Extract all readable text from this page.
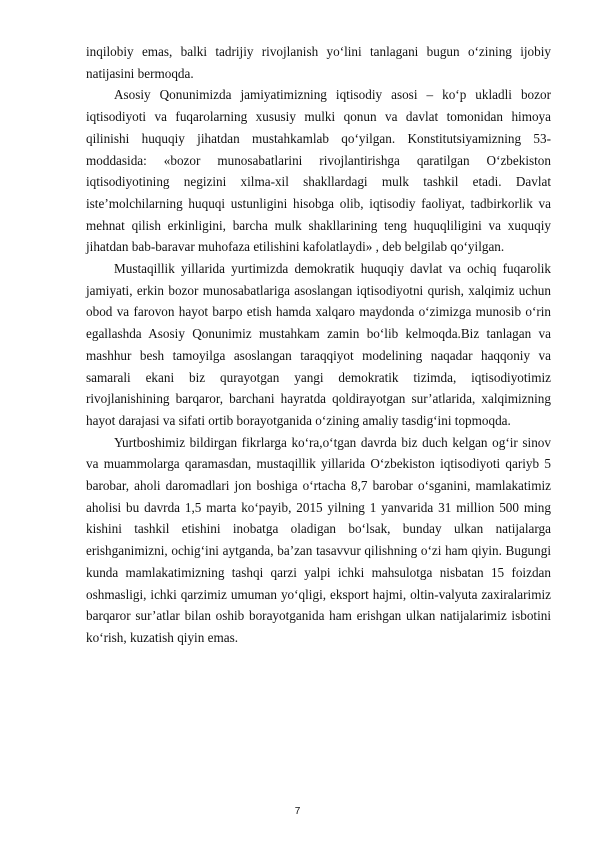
inqilobiy emas, balki tadrijiy rivojlanish yo‘lini tanlagani bugun o‘zining ijobiy natijasini bermoqda.

Asosiy Qonunimizda jamiyatimizning iqtisodiy asosi – ko‘p ukladli bozor iqtisodiyoti va fuqarolarning xususiy mulki qonun va davlat tomonidan himoya qilinishi huquqiy jihatdan mustahkamlab qo‘yilgan. Konstitutsiyamizning 53-moddasida: «bozor munosabatlarini rivojlantirishga qaratilgan O‘zbekiston iqtisodiyotining negizini xilma-xil shakllardagi mulk tashkil etadi. Davlat iste’molchilarning huquqi ustunligini hisobga olib, iqtisodiy faoliyat, tadbirkorlik va mehnat qilish erkinligini, barcha mulk shakllarining teng huquqliligini va xuquqiy jihatdan bab-baravar muhofaza etilishini kafolatlaydi» , deb belgilab qo‘yilgan.

Mustaqillik yillarida yurtimizda demokratik huquqiy davlat va ochiq fuqarolik jamiyati, erkin bozor munosabatlariga asoslangan iqtisodiyotni qurish, xalqimiz uchun obod va farovon hayot barpo etish hamda xalqaro maydonda o‘zimizga munosib o‘rin egallashda Asosiy Qonunimiz mustahkam zamin bo‘lib kelmoqda.Biz tanlagan va mashhur besh tamoyilga asoslangan taraqqiyot modelining naqadar haqqoniy va samarali ekani biz qurayotgan yangi demokratik tizimda, iqtisodiyotimiz rivojlanishining barqaror, barchani hayratda qoldirayotgan sur’atlarida, xalqimizning hayot darajasi va sifati ortib borayotganida o‘zining amaliy tasdig‘ini topmoqda.

Yurtboshimiz bildirgan fikrlarga ko‘ra,o‘tgan davrda biz duch kelgan og‘ir sinov va muammolarga qaramasdan, mustaqillik yillarida O‘zbekiston iqtisodiyoti qariyb 5 barobar, aholi daromadlari jon boshiga o‘rtacha 8,7 barobar o‘sganini, mamlakatimiz aholisi bu davrda 1,5 marta ko‘payib, 2015 yilning 1 yanvarida 31 million 500 ming kishini tashkil etishini inobatga oladigan bo‘lsak, bunday ulkan natijalarga erishganimizni, ochig‘ini aytganda, ba’zan tasavvur qilishning o‘zi ham qiyin. Bugungi kunda mamlakatimizning tashqi qarzi yalpi ichki mahsulotga nisbatan 15 foizdan oshmasligi, ichki qarzimiz umuman yo‘qligi, eksport hajmi, oltin-valyuta zaxiralarimiz barqaror sur’atlar bilan oshib borayotganida ham erishgan ulkan natijalarimiz isbotini ko‘rish, kuzatish qiyin emas.

7
